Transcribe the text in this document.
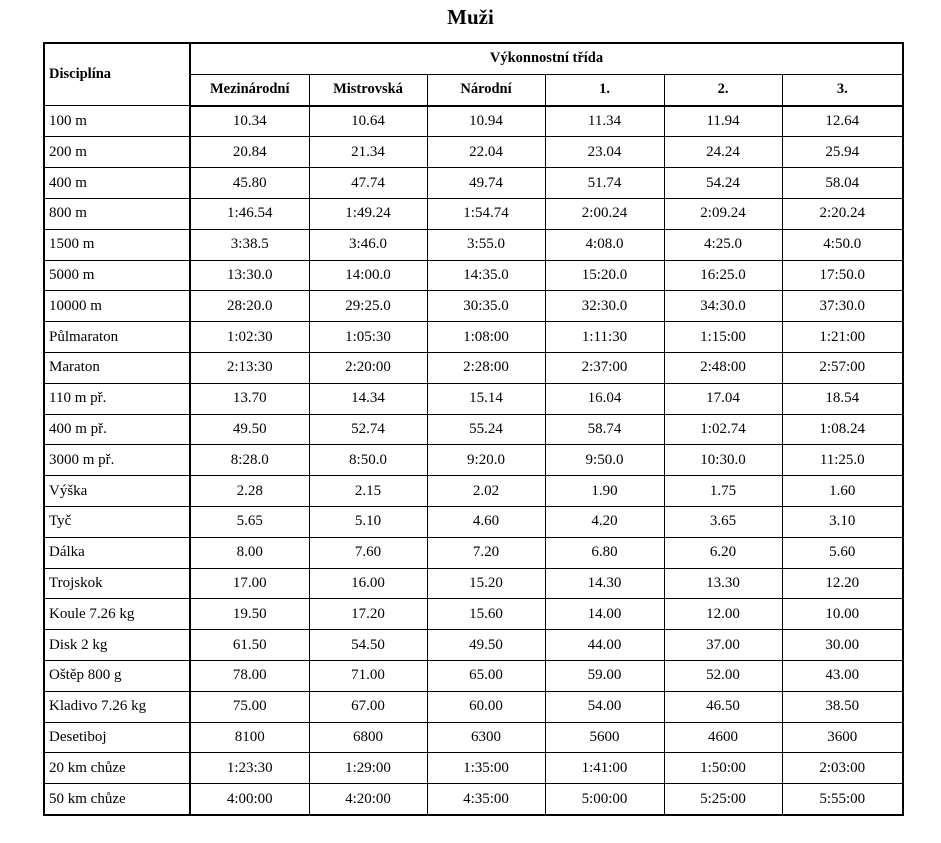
Muži
Disciplína	Výkonnostní třída					
	Mezinárodní	Mistrovská	Národní	1.	2.	3.
100 m	10.34	10.64	10.94	11.34	11.94	12.64
200 m	20.84	21.34	22.04	23.04	24.24	25.94
400 m	45.80	47.74	49.74	51.74	54.24	58.04
800 m	1:46.54	1:49.24	1:54.74	2:00.24	2:09.24	2:20.24
1500 m	3:38.5	3:46.0	3:55.0	4:08.0	4:25.0	4:50.0
5000 m	13:30.0	14:00.0	14:35.0	15:20.0	16:25.0	17:50.0
10000 m	28:20.0	29:25.0	30:35.0	32:30.0	34:30.0	37:30.0
Půlmaraton	1:02:30	1:05:30	1:08:00	1:11:30	1:15:00	1:21:00
Maraton	2:13:30	2:20:00	2:28:00	2:37:00	2:48:00	2:57:00
110 m př.	13.70	14.34	15.14	16.04	17.04	18.54
400 m př.	49.50	52.74	55.24	58.74	1:02.74	1:08.24
3000 m př.	8:28.0	8:50.0	9:20.0	9:50.0	10:30.0	11:25.0
Výška	2.28	2.15	2.02	1.90	1.75	1.60
Tyč	5.65	5.10	4.60	4.20	3.65	3.10
Dálka	8.00	7.60	7.20	6.80	6.20	5.60
Trojskok	17.00	16.00	15.20	14.30	13.30	12.20
Koule 7.26 kg	19.50	17.20	15.60	14.00	12.00	10.00
Disk 2 kg	61.50	54.50	49.50	44.00	37.00	30.00
Oštěp 800 g	78.00	71.00	65.00	59.00	52.00	43.00
Kladivo 7.26 kg	75.00	67.00	60.00	54.00	46.50	38.50
Desetiboj	8100	6800	6300	5600	4600	3600
20 km chůze	1:23:30	1:29:00	1:35:00	1:41:00	1:50:00	2:03:00
50 km chůze	4:00:00	4:20:00	4:35:00	5:00:00	5:25:00	5:55:00
